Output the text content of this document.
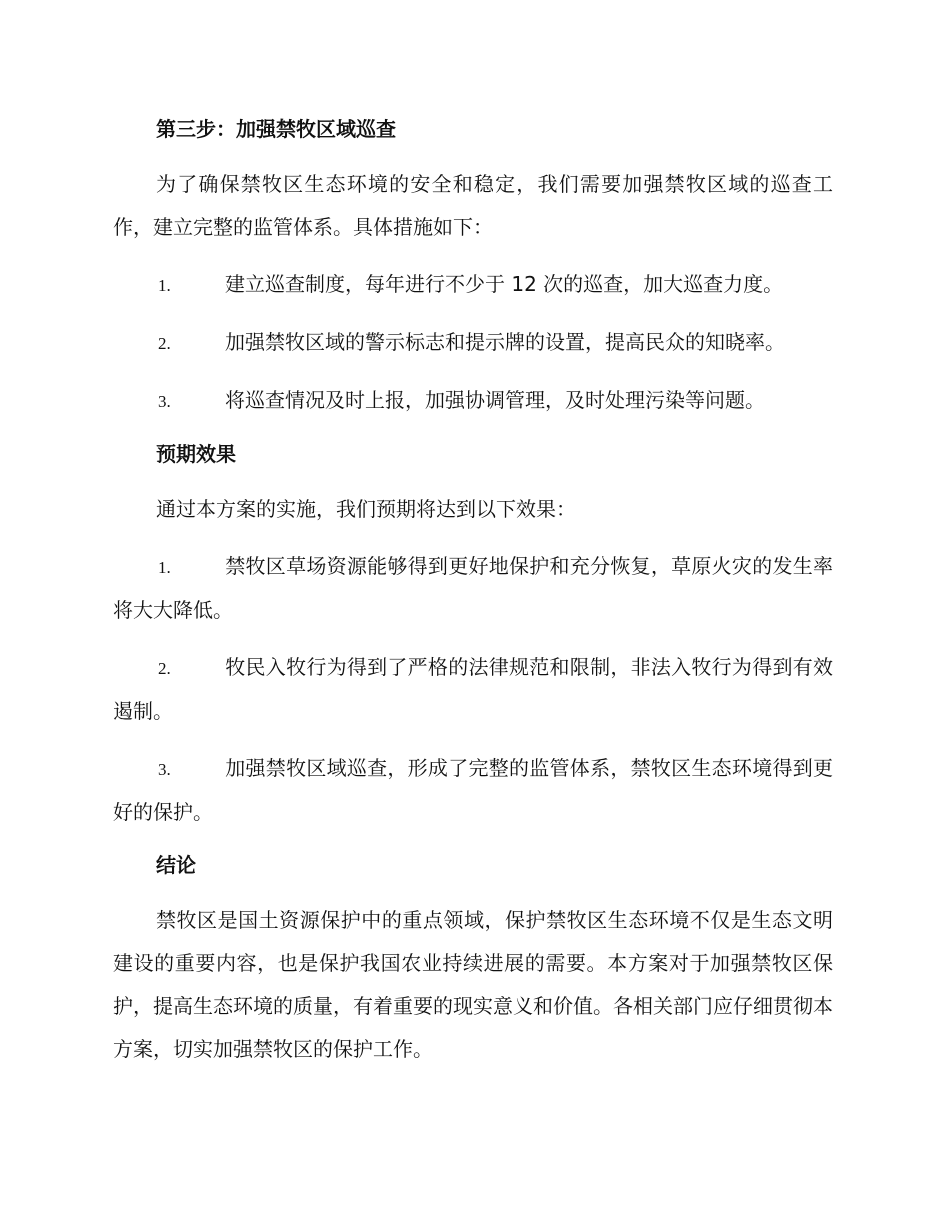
第三步：加强禁牧区域巡查

为了确保禁牧区生态环境的安全和稳定，我们需要加强禁牧区域的巡查工作，建立完整的监管体系。具体措施如下：

1.	建立巡查制度，每年进行不少于 12 次的巡查，加大巡查力度。
2.	加强禁牧区域的警示标志和提示牌的设置，提高民众的知晓率。
3.	将巡查情况及时上报，加强协调管理，及时处理污染等问题。
预期效果

通过本方案的实施，我们预期将达到以下效果：

1.	禁牧区草场资源能够得到更好地保护和充分恢复，草原火灾的发生率将大大降低。
2.	牧民入牧行为得到了严格的法律规范和限制，非法入牧行为得到有效遏制。
3.	加强禁牧区域巡查，形成了完整的监管体系，禁牧区生态环境得到更好的保护。
结论

禁牧区是国土资源保护中的重点领域，保护禁牧区生态环境不仅是生态文明建设的重要内容，也是保护我国农业持续进展的需要。本方案对于加强禁牧区保护，提高生态环境的质量，有着重要的现实意义和价值。各相关部门应仔细贯彻本方案，切实加强禁牧区的保护工作。
